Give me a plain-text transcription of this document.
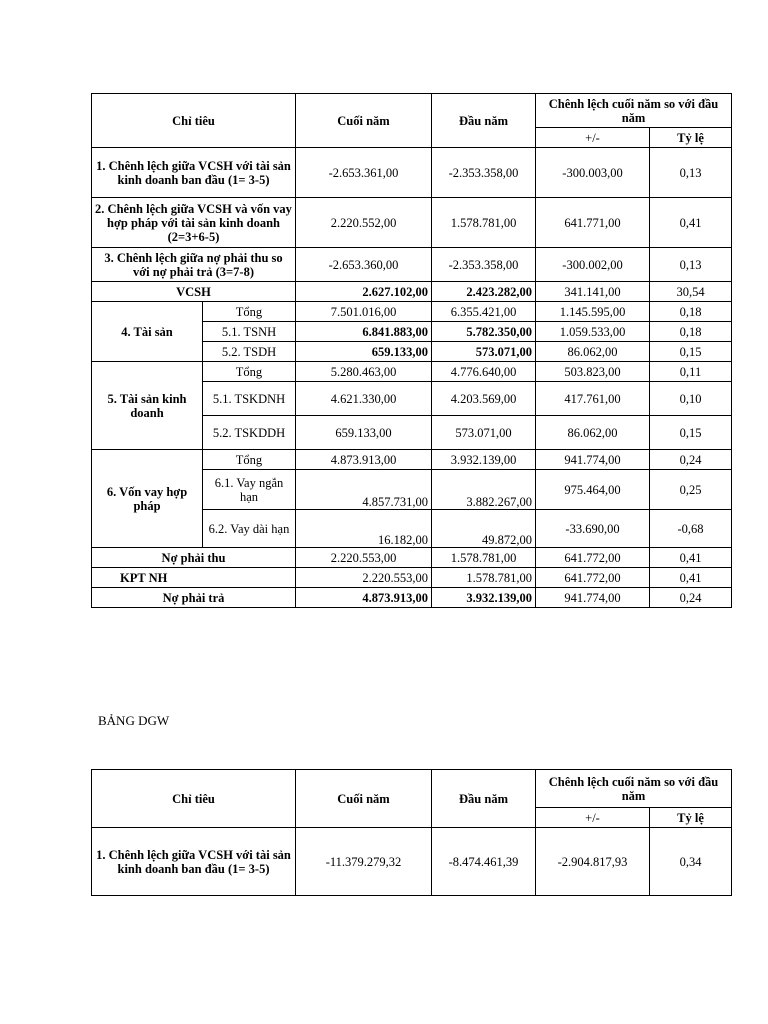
Chỉ tiêu		Cuối năm	Đầu năm	Chênh lệch cuối năm so với đầu năm	
				+/-	Tỷ lệ
1. Chênh lệch giữa VCSH với tài sản kinh doanh ban đầu (1= 3-5)		-2.653.361,00	-2.353.358,00	-300.003,00	0,13
2. Chênh lệch giữa VCSH và vốn vay hợp pháp với tài sản kinh doanh (2=3+6-5)		2.220.552,00	1.578.781,00	641.771,00	0,41
3. Chênh lệch giữa nợ phải thu so với nợ phải trả (3=7-8)		-2.653.360,00	-2.353.358,00	-300.002,00	0,13
VCSH		2.627.102,00	2.423.282,00	341.141,00	30,54
4. Tài sản	Tổng	7.501.016,00	6.355.421,00	1.145.595,00	0,18
	5.1. TSNH	6.841.883,00	5.782.350,00	1.059.533,00	0,18
	5.2. TSDH	659.133,00	573.071,00	86.062,00	0,15
5. Tài sản kinh doanh	Tổng	5.280.463,00	4.776.640,00	503.823,00	0,11
	5.1. TSKDNH	4.621.330,00	4.203.569,00	417.761,00	0,10
	5.2. TSKDDH	659.133,00	573.071,00	86.062,00	0,15
6. Vốn vay hợp pháp	Tổng	4.873.913,00	3.932.139,00	941.774,00	0,24
	6.1. Vay ngắn hạn	4.857.731,00	3.882.267,00	975.464,00	0,25
	6.2. Vay dài hạn	16.182,00	49.872,00	-33.690,00	-0,68
Nợ phải thu		2.220.553,00	1.578.781,00	641.772,00	0,41
KPT NH		2.220.553,00	1.578.781,00	641.772,00	0,41
Nợ phải trả		4.873.913,00	3.932.139,00	941.774,00	0,24
BẢNG DGW
Chỉ tiêu	Cuối năm	Đầu năm	Chênh lệch cuối năm so với đầu năm	
			+/-	Tỷ lệ
1. Chênh lệch giữa VCSH với tài sản kinh doanh ban đầu (1= 3-5)	-11.379.279,32	-8.474.461,39	-2.904.817,93	0,34
